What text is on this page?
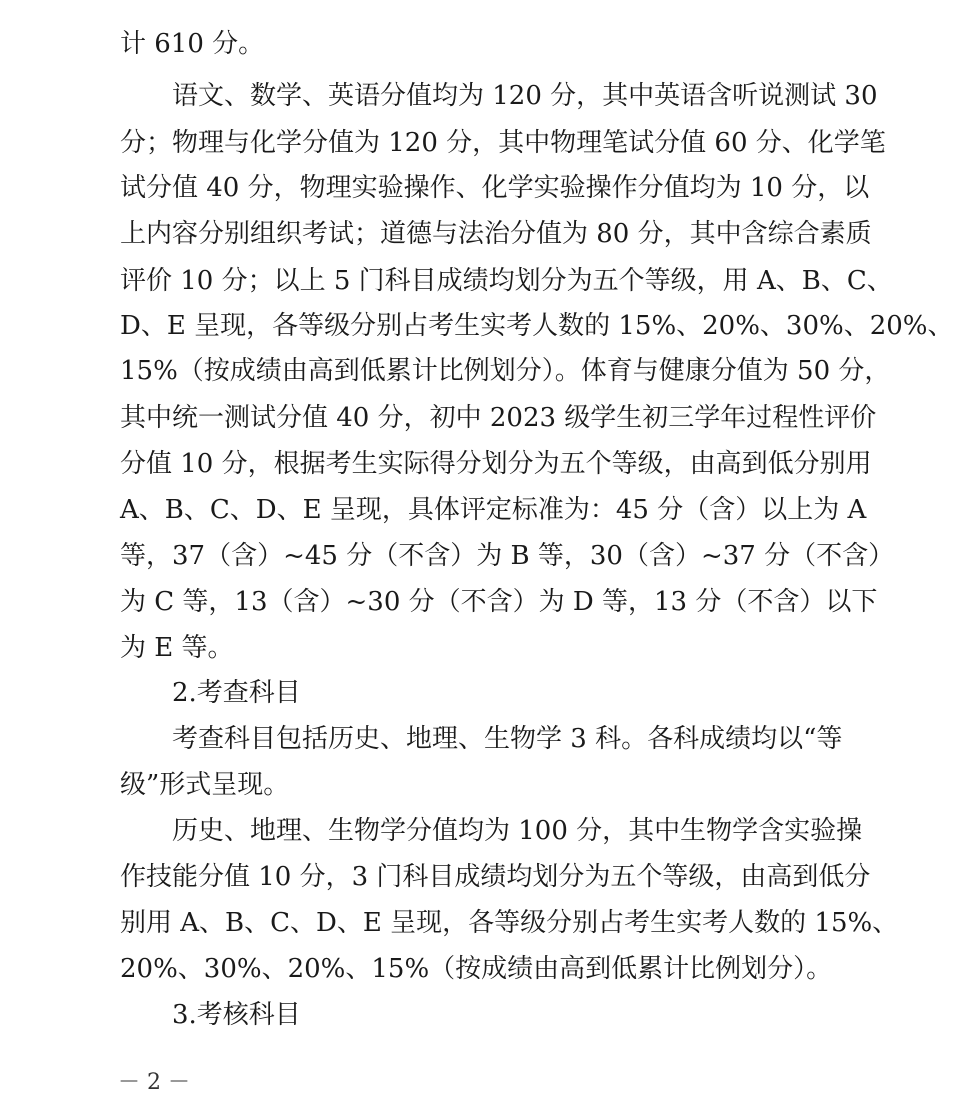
计 610 分。
语文、数学、英语分值均为 120 分，其中英语含听说测试 30
分；物理与化学分值为 120 分，其中物理笔试分值 60 分、化学笔
试分值 40 分，物理实验操作、化学实验操作分值均为 10 分，以
上内容分别组织考试；道德与法治分值为 80 分，其中含综合素质
评价 10 分；以上 5 门科目成绩均划分为五个等级，用 A、B、C、
D、E 呈现，各等级分别占考生实考人数的 15%、20%、30%、20%、
15%（按成绩由高到低累计比例划分）。体育与健康分值为 50 分，
其中统一测试分值 40 分，初中 2023 级学生初三学年过程性评价
分值 10 分，根据考生实际得分划分为五个等级，由高到低分别用
A、B、C、D、E 呈现，具体评定标准为：45 分（含）以上为 A
等，37（含）~45 分（不含）为 B 等，30（含）~37 分（不含）
为 C 等，13（含）~30 分（不含）为 D 等，13 分（不含）以下
为 E 等。
2.考查科目
考查科目包括历史、地理、生物学 3 科。各科成绩均以“等
级”形式呈现。
历史、地理、生物学分值均为 100 分，其中生物学含实验操
作技能分值 10 分，3 门科目成绩均划分为五个等级，由高到低分
别用 A、B、C、D、E 呈现，各等级分别占考生实考人数的 15%、
20%、30%、20%、15%（按成绩由高到低累计比例划分）。
3.考核科目
－ 2 －
